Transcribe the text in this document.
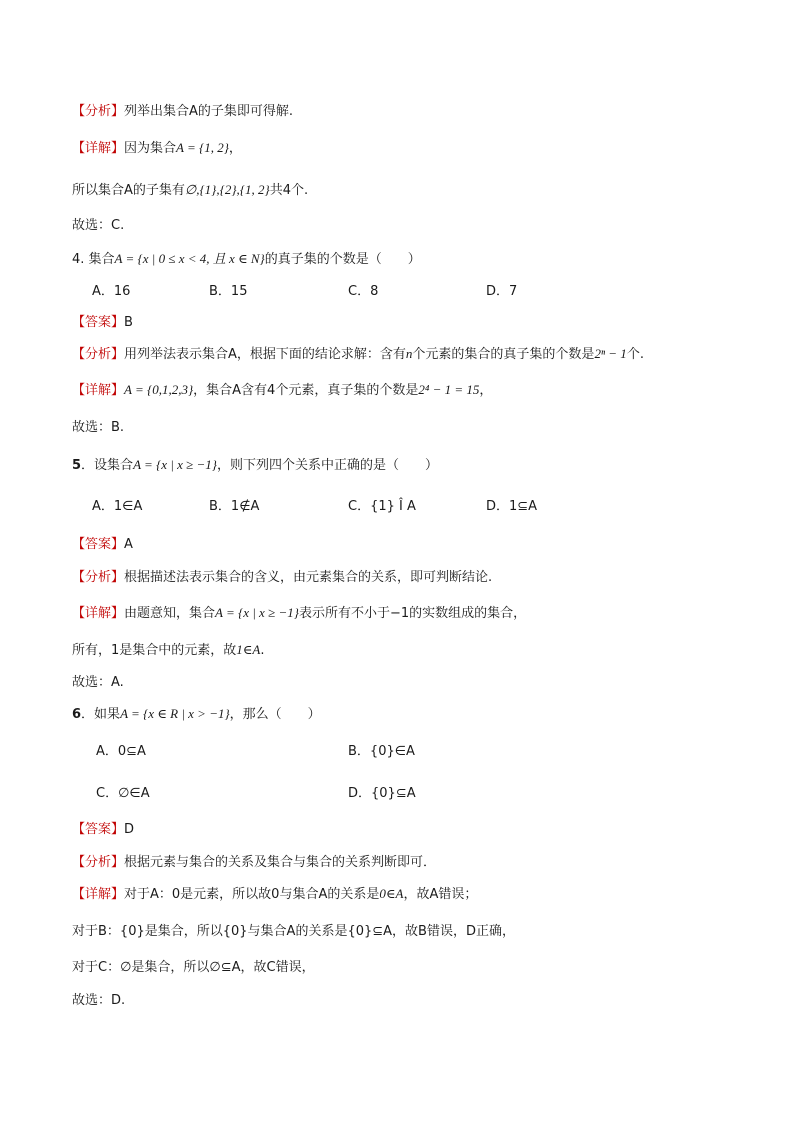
【分析】列举出集合A的子集即可得解.
【详解】因为集合A = {1, 2}，
所以集合A的子集有∅,{1},{2},{1, 2}共4个.
故选：C.
4. 集合A = {x | 0 ≤ x < 4, 且 x ∈ N}的真子集的个数是（　　）
A．16	B．15	C．8	D．7
【答案】B
【分析】用列举法表示集合A，根据下面的结论求解：含有n个元素的集合的真子集的个数是2ⁿ − 1个.
【详解】A = {0,1,2,3}，集合A含有4个元素，真子集的个数是2⁴ − 1 = 15，
故选：B.
5．设集合A = {x | x ≥ −1}，则下列四个关系中正确的是（　　）
A．1∈A	B．1∉A	C．{1} Î A	D．1⊆A
【答案】A
【分析】根据描述法表示集合的含义，由元素集合的关系，即可判断结论.
【详解】由题意知，集合A = {x | x ≥ −1}表示所有不小于−1的实数组成的集合，
所有，1是集合中的元素，故1∈A.
故选：A.
6．如果A = {x ∈ R | x > −1}，那么（　　）
A．0⊆A	B．{0}∈A
C．∅∈A	D．{0}⊆A
【答案】D
【分析】根据元素与集合的关系及集合与集合的关系判断即可．
【详解】对于A：0是元素，所以故0与集合A的关系是0∈A，故A错误；
对于B：{0}是集合，所以{0}与集合A的关系是{0}⊆A，故B错误，D正确，
对于C：∅是集合，所以∅⊆A，故C错误，
故选：D.
